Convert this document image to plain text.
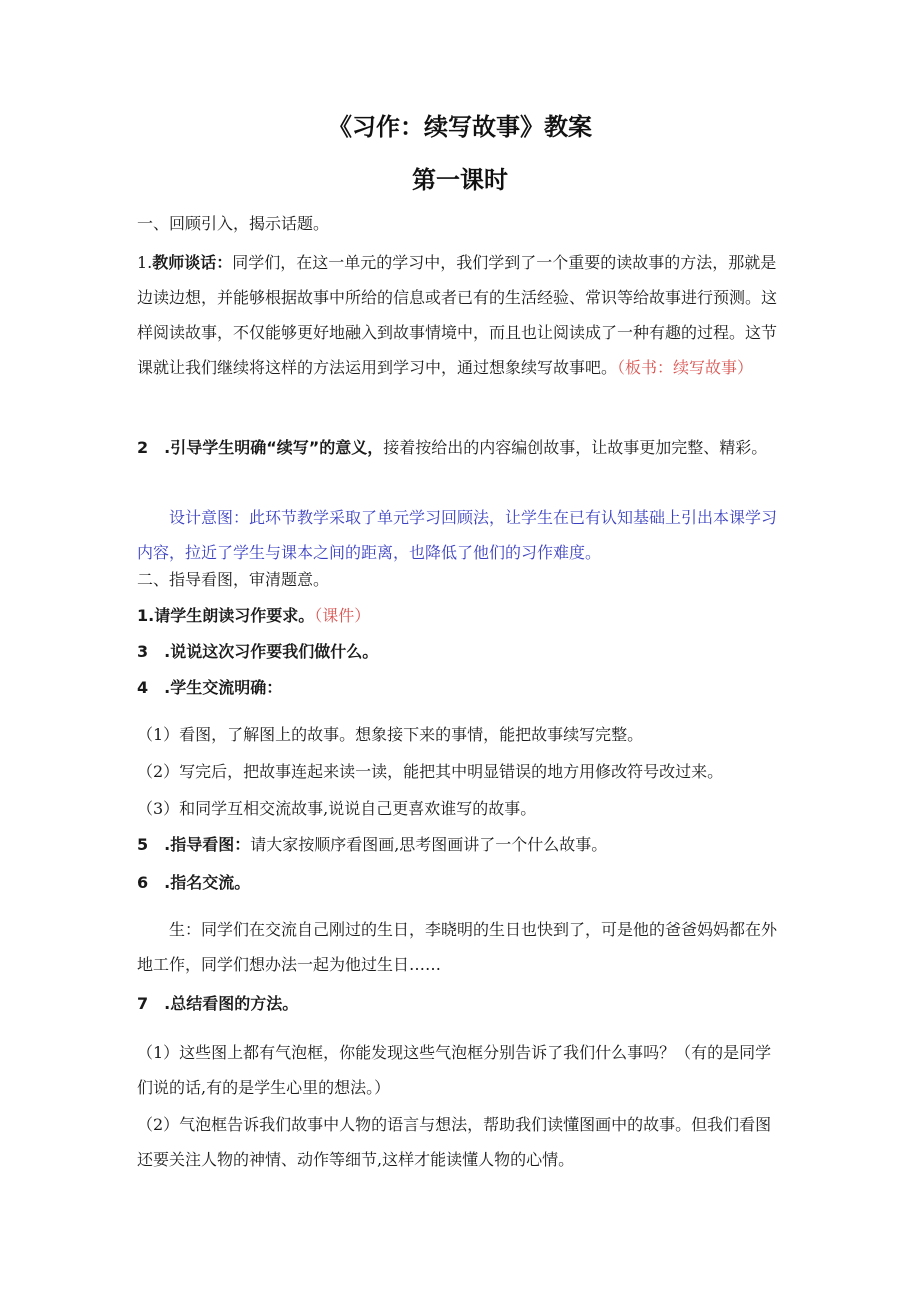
《习作：续写故事》教案
第一课时
一、回顾引入，揭示话题。
1.教师谈话：同学们，在这一单元的学习中，我们学到了一个重要的读故事的方法，那就是边读边想，并能够根据故事中所给的信息或者已有的生活经验、常识等给故事进行预测。这样阅读故事，不仅能够更好地融入到故事情境中，而且也让阅读成了一种有趣的过程。这节课就让我们继续将这样的方法运用到学习中，通过想象续写故事吧。（板书：续写故事）
2　.引导学生明确“续写”的意义，接着按给出的内容编创故事，让故事更加完整、精彩。
设计意图：此环节教学采取了单元学习回顾法，让学生在已有认知基础上引出本课学习内容，拉近了学生与课本之间的距离，也降低了他们的习作难度。
二、指导看图，审清题意。
1.请学生朗读习作要求。（课件）
3　.说说这次习作要我们做什么。
4　.学生交流明确：
（1）看图，了解图上的故事。想象接下来的事情，能把故事续写完整。
（2）写完后，把故事连起来读一读，能把其中明显错误的地方用修改符号改过来。
（3）和同学互相交流故事,说说自己更喜欢谁写的故事。
5　.指导看图：请大家按顺序看图画,思考图画讲了一个什么故事。
6　.指名交流。
生：同学们在交流自己刚过的生日，李晓明的生日也快到了，可是他的爸爸妈妈都在外地工作，同学们想办法一起为他过生日……
7　.总结看图的方法。
（1）这些图上都有气泡框，你能发现这些气泡框分别告诉了我们什么事吗？（有的是同学们说的话,有的是学生心里的想法。）
（2）气泡框告诉我们故事中人物的语言与想法，帮助我们读懂图画中的故事。但我们看图还要关注人物的神情、动作等细节,这样才能读懂人物的心情。
